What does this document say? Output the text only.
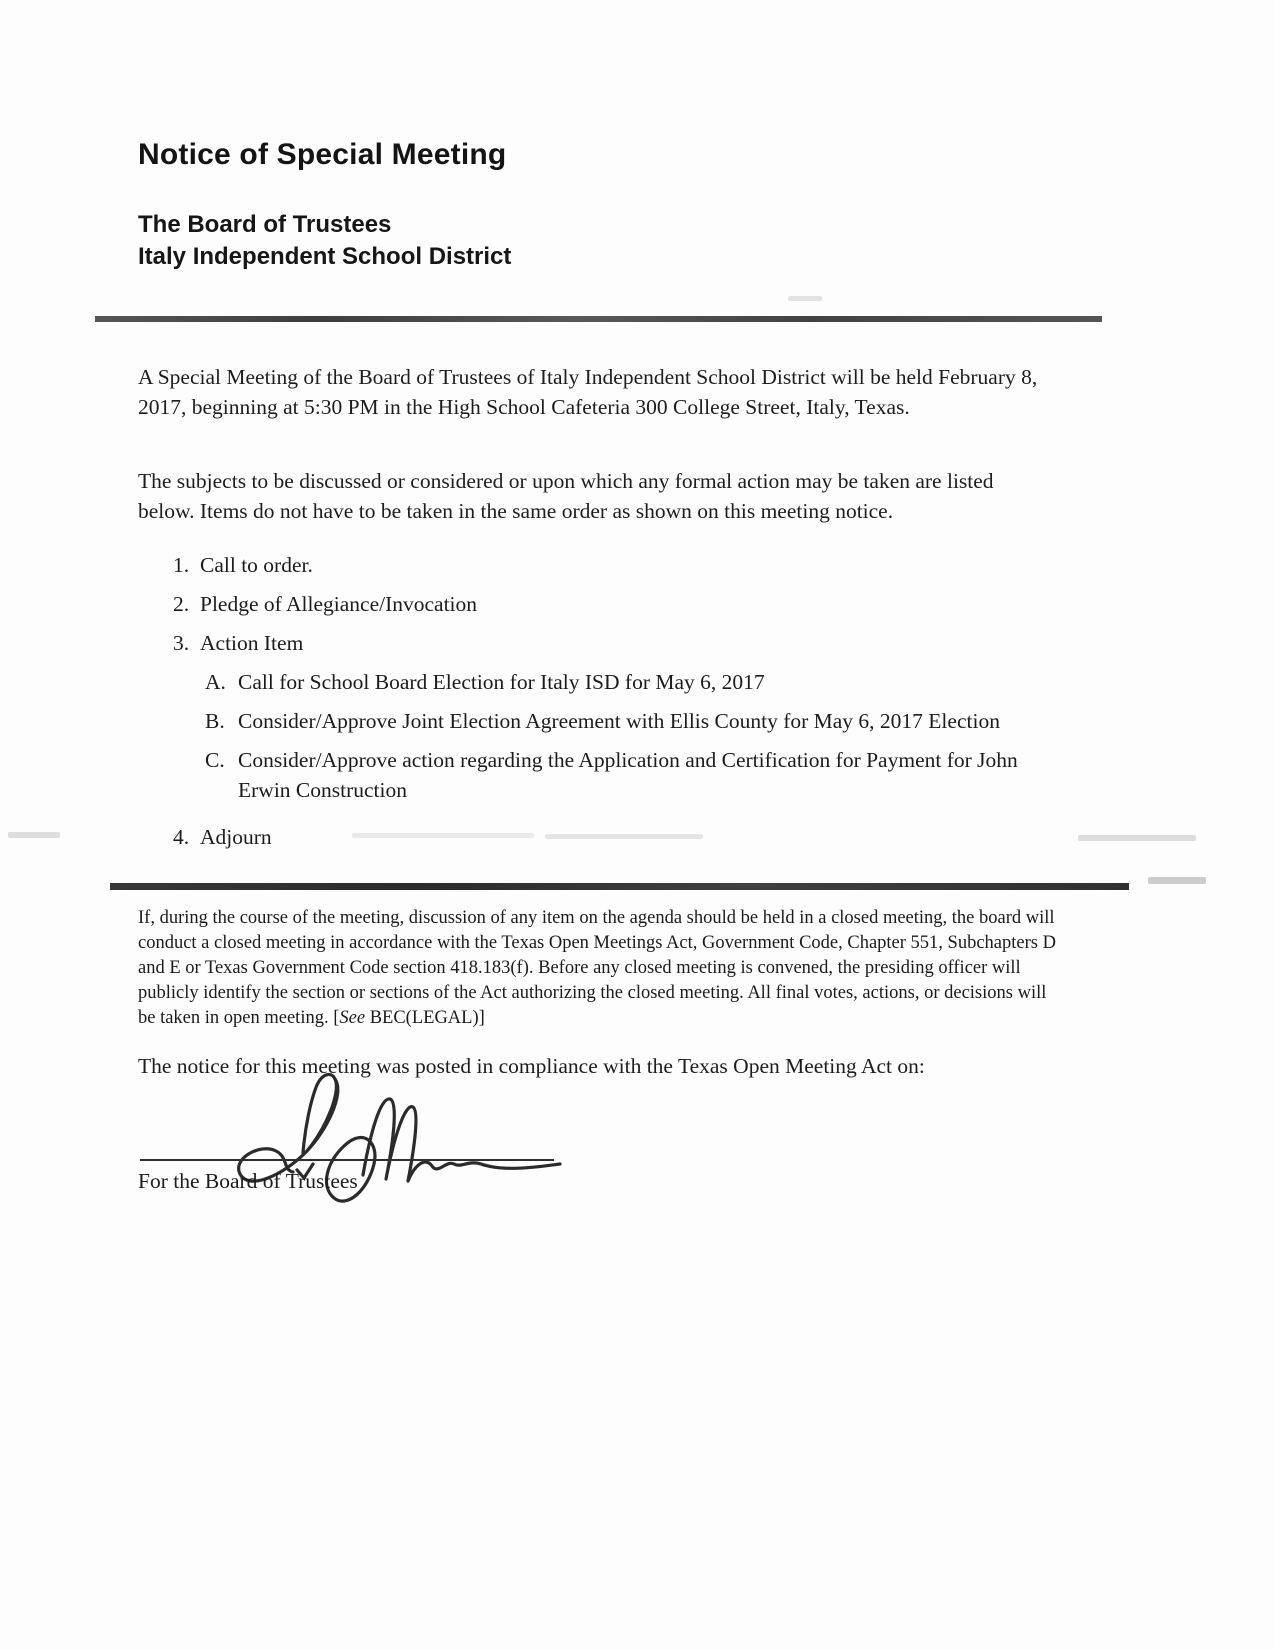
Notice of Special Meeting
The Board of Trustees
Italy Independent School District

A Special Meeting of the Board of Trustees of Italy Independent School District will be held February 8, 2017, beginning at 5:30 PM in the High School Cafeteria 300 College Street, Italy, Texas.

The subjects to be discussed or considered or upon which any formal action may be taken are listed below. Items do not have to be taken in the same order as shown on this meeting notice.

1. Call to order.
2. Pledge of Allegiance/Invocation
3. Action Item
A. Call for School Board Election for Italy ISD for May 6, 2017
B. Consider/Approve Joint Election Agreement with Ellis County for May 6, 2017 Election
C. Consider/Approve action regarding the Application and Certification for Payment for John Erwin Construction
4. Adjourn

If, during the course of the meeting, discussion of any item on the agenda should be held in a closed meeting, the board will conduct a closed meeting in accordance with the Texas Open Meetings Act, Government Code, Chapter 551, Subchapters D and E or Texas Government Code section 418.183(f). Before any closed meeting is convened, the presiding officer will publicly identify the section or sections of the Act authorizing the closed meeting. All final votes, actions, or decisions will be taken in open meeting. [See BEC(LEGAL)]

The notice for this meeting was posted in compliance with the Texas Open Meeting Act on:

For the Board of Trustees
